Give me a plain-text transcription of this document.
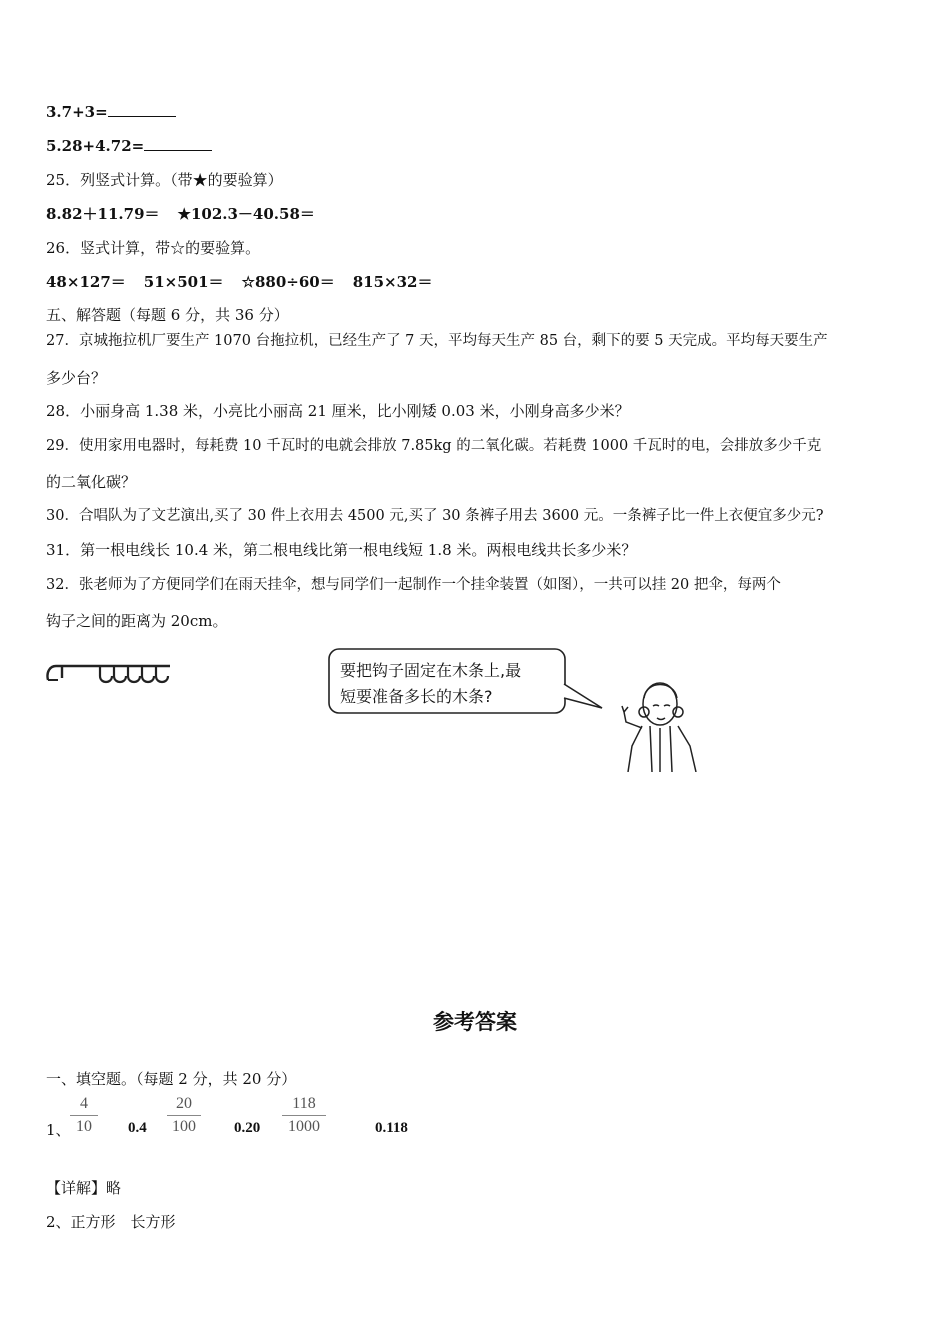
3.7+3=
5.28+4.72=
25．列竖式计算。（带★的要验算）
8.82＋11.79＝ ★102.3－40.58＝
26．竖式计算，带☆的要验算。
48×127＝ 51×501＝ ☆880÷60＝ 815×32＝
五、解答题（每题 6 分，共 36 分）
27．京城拖拉机厂要生产 1070 台拖拉机，已经生产了 7 天，平均每天生产 85 台，剩下的要 5 天完成。平均每天要生产
多少台？
28．小丽身高 1.38 米，小亮比小丽高 21 厘米，比小刚矮 0.03 米，小刚身高多少米？
29．使用家用电器时，每耗费 10 千瓦时的电就会排放 7.85kg 的二氧化碳。若耗费 1000 千瓦时的电，会排放多少千克
的二氧化碳？
30．合唱队为了文艺演出,买了 30 件上衣用去 4500 元,买了 30 条裤子用去 3600 元。一条裤子比一件上衣便宜多少元?
31．第一根电线长 10.4 米，第二根电线比第一根电线短 1.8 米。两根电线共长多少米？
32．张老师为了方便同学们在雨天挂伞，想与同学们一起制作一个挂伞装置（如图），一共可以挂 20 把伞，每两个
钩子之间的距离为 20cm。
要把钩子固定在木条上,最
短要准备多长的木条?
参考答案
一、填空题。（每题 2 分，共 20 分）
1、
4
10	0.4
20
100	0.20
118
1000	0.118
【详解】略
2、正方形　长方形
